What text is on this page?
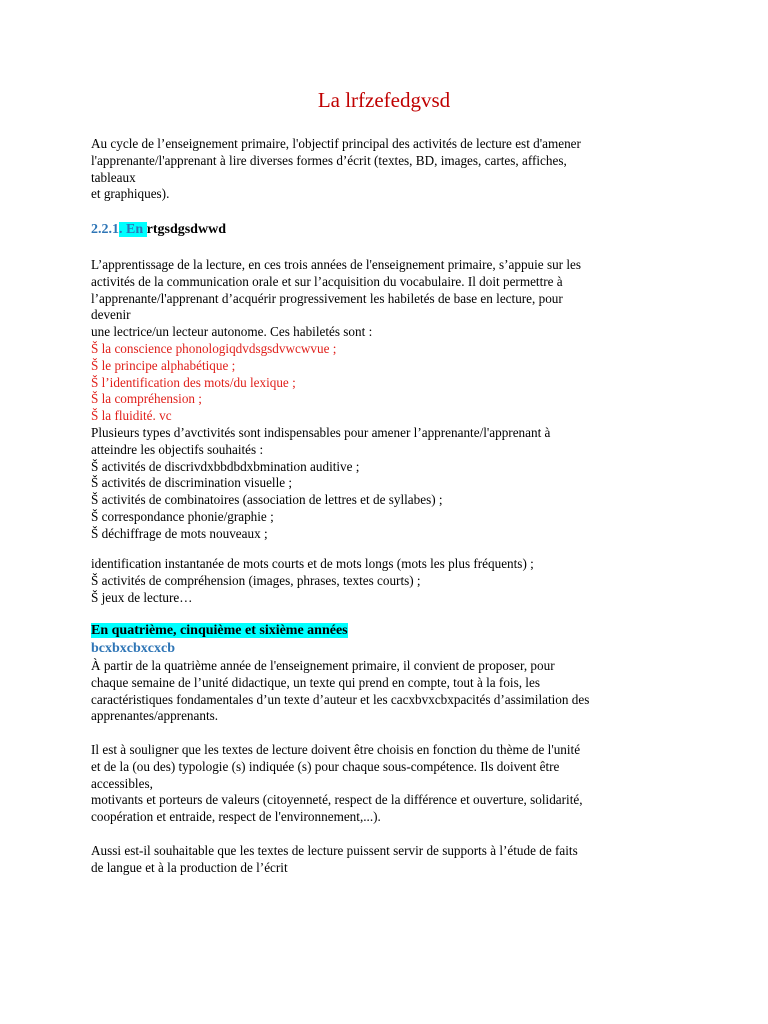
La lrfzefedgvsd
Au cycle de l’enseignement primaire, l'objectif principal des activités de lecture est d'amener
l'apprenante/l'apprenant à lire diverses formes d’écrit (textes, BD, images, cartes, affiches,
tableaux
et graphiques).
2.2.1. En rtgsdgsdwwd
L’apprentissage de la lecture, en ces trois années de l'enseignement primaire, s’appuie sur les
activités de la communication orale et sur l’acquisition du vocabulaire. Il doit permettre à
l’apprenante/l'apprenant d’acquérir progressivement les habiletés de base en lecture, pour
devenir
une lectrice/un lecteur autonome. Ces habiletés sont :
Š la conscience phonologiqdvdsgsdvwcwvue ;
Š le principe alphabétique ;
Š l’identification des mots/du lexique ;
Š la compréhension ;
Š la fluidité. vc
Plusieurs types d’avctivités sont indispensables pour amener l’apprenante/l'apprenant à
atteindre les objectifs souhaités :
Š activités de discrivdxbbdbdxbmination auditive ;
Š activités de discrimination visuelle ;
Š activités de combinatoires (association de lettres et de syllabes) ;
Š correspondance phonie/graphie ;
Š déchiffrage de mots nouveaux ;
identification instantanée de mots courts et de mots longs (mots les plus fréquents) ;
Š activités de compréhension (images, phrases, textes courts) ;
Š jeux de lecture…
En quatrième, cinquième et sixième années
bcxbxcbxcxcb
À partir de la quatrième année de l'enseignement primaire, il convient de proposer, pour
chaque semaine de l’unité didactique, un texte qui prend en compte, tout à la fois, les
caractéristiques fondamentales d’un texte d’auteur et les cacxbvxcbxpacités d’assimilation des
apprenantes/apprenants.
Il est à souligner que les textes de lecture doivent être choisis en fonction du thème de l'unité
et de la (ou des) typologie (s) indiquée (s) pour chaque sous-compétence. Ils doivent être
accessibles,
motivants et porteurs de valeurs (citoyenneté, respect de la différence et ouverture, solidarité,
coopération et entraide, respect de l'environnement,...).
Aussi est-il souhaitable que les textes de lecture puissent servir de supports à l’étude de faits
de langue et à la production de l’écrit
